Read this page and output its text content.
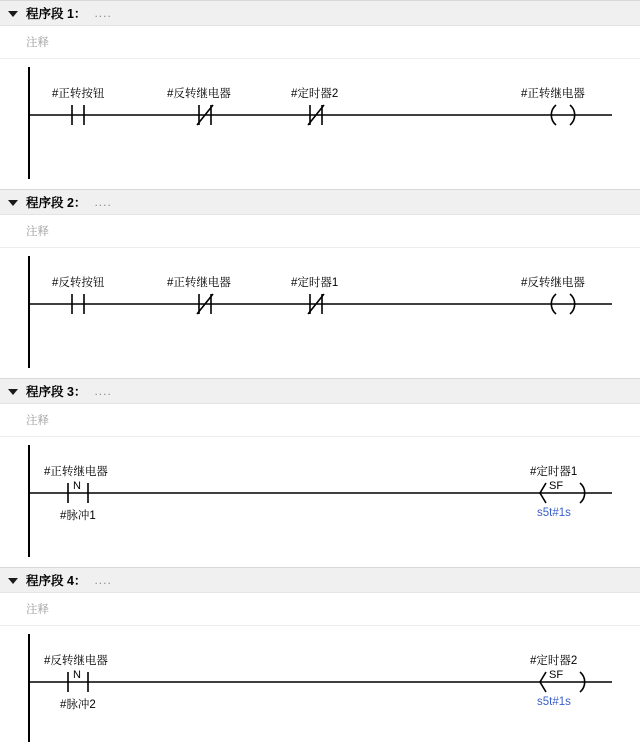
程序段 1： ....
注释
#正转按钮	#反转继电器	#定时器2	#正转继电器
程序段 2： ....
注释
#反转按钮	#正转继电器	#定时器1	#反转继电器
程序段 3： ....
注释
N
#正转继电器
#脉冲1
SF
#定时器1
s5t#1s
程序段 4： ....
注释
N
#反转继电器
#脉冲2
SF
#定时器2
s5t#1s
